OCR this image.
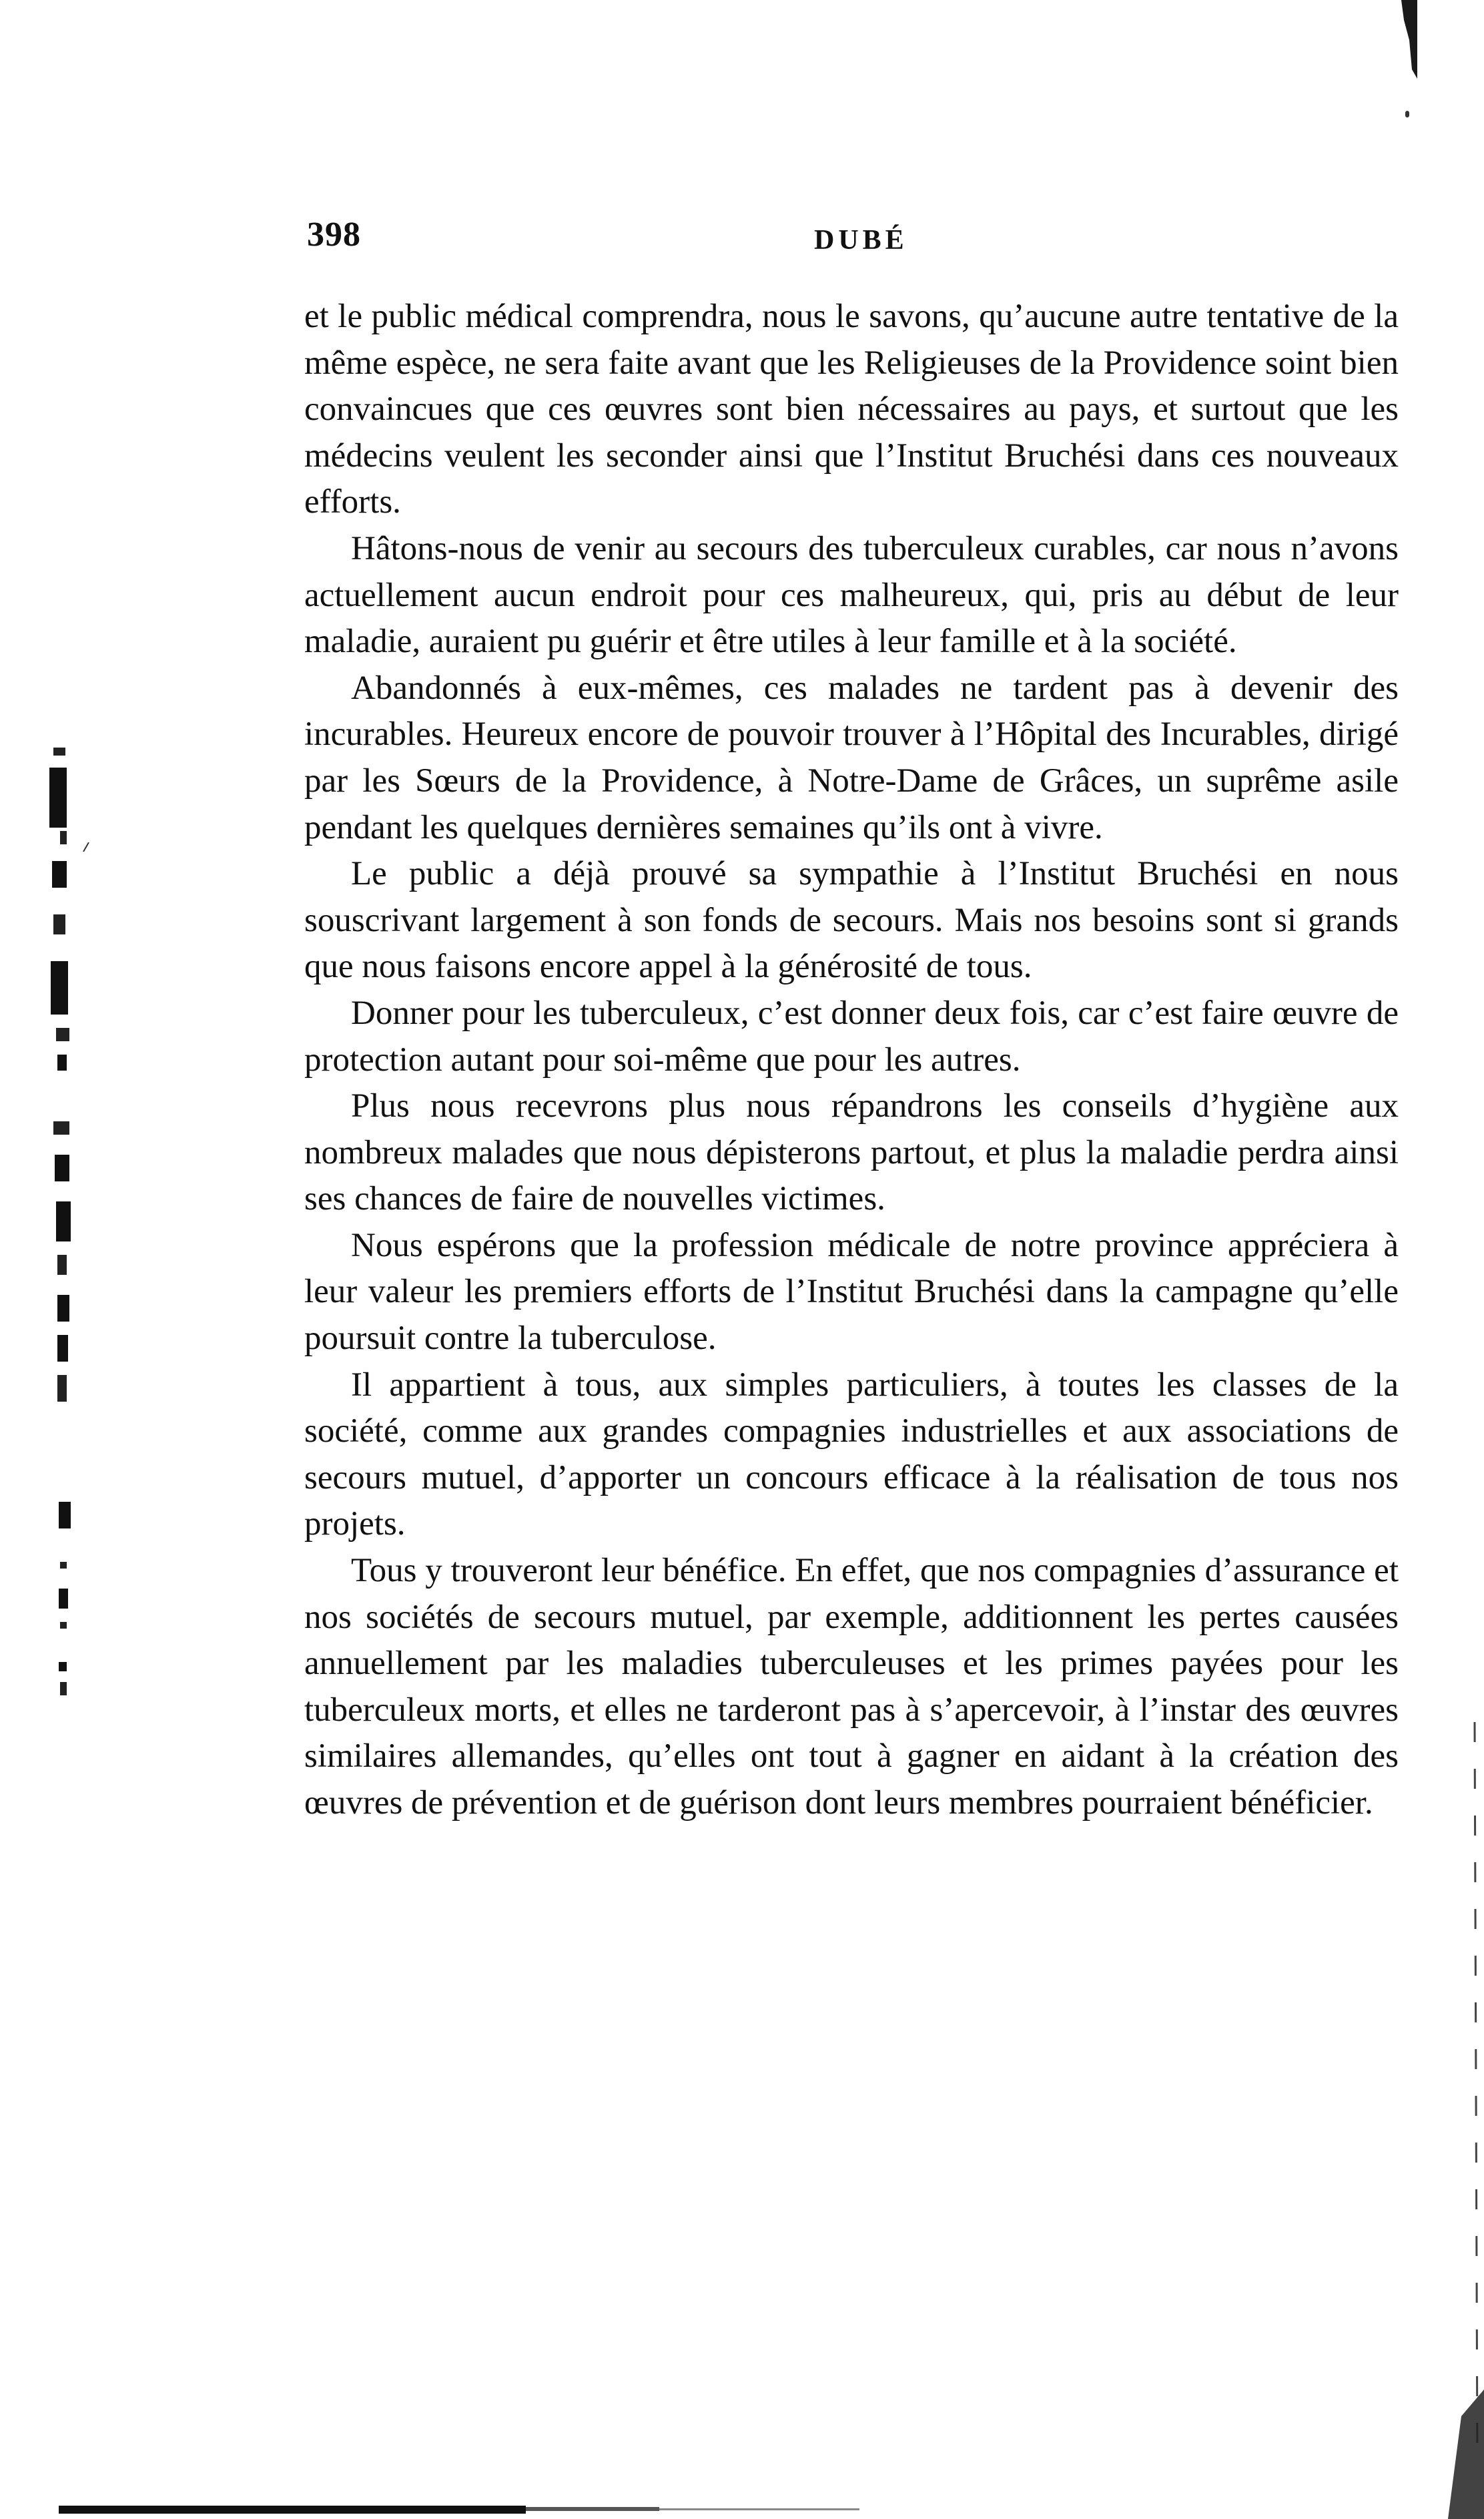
398	DUBÉ

et le public médical comprendra, nous le savons, qu’aucune autre tentative de la même espèce, ne sera faite avant que les Religieuses de la Providence soint bien convaincues que ces œuvres sont bien nécessaires au pays, et surtout que les médecins veulent les seconder ainsi que l’Institut Bruchési dans ces nouveaux efforts.

Hâtons-nous de venir au secours des tuberculeux curables, car nous n’avons actuellement aucun endroit pour ces malheureux, qui, pris au début de leur maladie, auraient pu guérir et être utiles à leur famille et à la société.

Abandonnés à eux-mêmes, ces malades ne tardent pas à devenir des incurables. Heureux encore de pouvoir trouver à l’Hôpital des Incurables, dirigé par les Sœurs de la Providence, à Notre-Dame de Grâces, un suprême asile pendant les quelques dernières semaines qu’ils ont à vivre.

Le public a déjà prouvé sa sympathie à l’Institut Bruchési en nous souscrivant largement à son fonds de secours. Mais nos besoins sont si grands que nous faisons encore appel à la générosité de tous.

Donner pour les tuberculeux, c’est donner deux fois, car c’est faire œuvre de protection autant pour soi-même que pour les autres.

Plus nous recevrons plus nous répandrons les conseils d’hygiène aux nombreux malades que nous dépisterons partout, et plus la maladie perdra ainsi ses chances de faire de nouvelles victimes.

Nous espérons que la profession médicale de notre province appréciera à leur valeur les premiers efforts de l’Institut Bruchési dans la campagne qu’elle poursuit contre la tuberculose.

Il appartient à tous, aux simples particuliers, à toutes les classes de la société, comme aux grandes compagnies industrielles et aux associations de secours mutuel, d’apporter un concours efficace à la réalisation de tous nos projets.

Tous y trouveront leur bénéfice. En effet, que nos compagnies d’assurance et nos sociétés de secours mutuel, par exemple, additionnent les pertes causées annuellement par les maladies tuberculeuses et les primes payées pour les tuberculeux morts, et elles ne tarderont pas à s’apercevoir, à l’instar des œuvres similaires allemandes, qu’elles ont tout à gagner en aidant à la création des œuvres de prévention et de guérison dont leurs membres pourraient bénéficier.
